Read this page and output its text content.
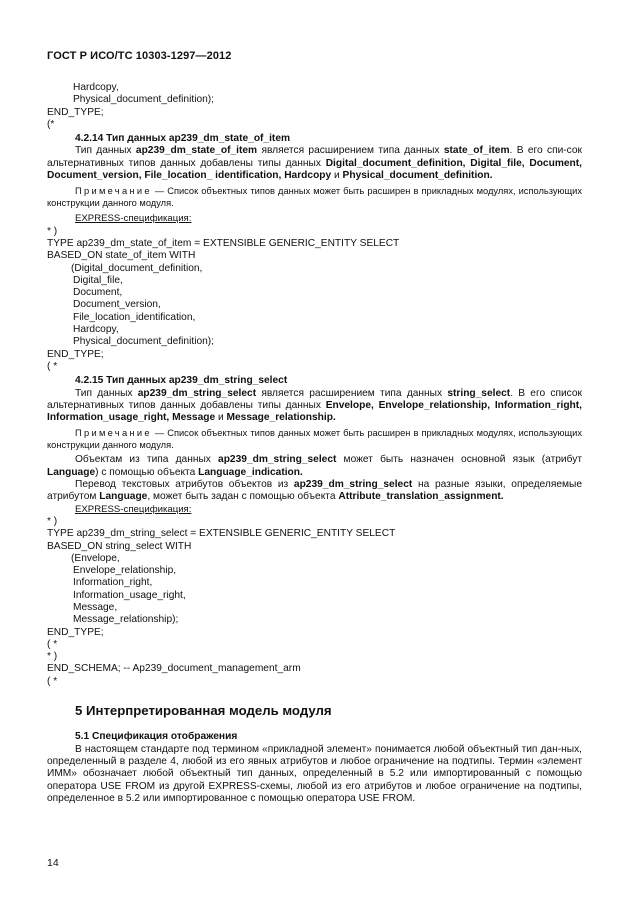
ГОСТ Р ИСО/ТС 10303-1297—2012
Hardcopy,
Physical_document_definition);
END_TYPE;
(*
4.2.14 Тип данных ap239_dm_state_of_item
Тип данных ap239_dm_state_of_item является расширением типа данных state_of_item. В его спи-сок альтернативных типов данных добавлены типы данных Digital_document_definition, Digital_file, Document, Document_version, File_location_ identification, Hardcopy и Physical_document_definition.
Примечание — Список объектных типов данных может быть расширен в прикладных модулях, использующих конструкции данного модуля.
EXPRESS-спецификация:
* )
TYPE ap239_dm_state_of_item = EXTENSIBLE GENERIC_ENTITY SELECT
BASED_ON state_of_item WITH
(Digital_document_definition,
Digital_file,
Document,
Document_version,
File_location_identification,
Hardcopy,
Physical_document_definition);
END_TYPE;
( *
4.2.15 Тип данных ap239_dm_string_select
Тип данных ap239_dm_string_select является расширением типа данных string_select. В его список альтернативных типов данных добавлены типы данных Envelope, Envelope_relationship, Information_right, Information_usage_right, Message и Message_relationship.
Примечание — Список объектных типов данных может быть расширен в прикладных модулях, использующих конструкции данного модуля.
Объектам из типа данных ap239_dm_string_select может быть назначен основной язык (атрибут Language) с помощью объекта Language_indication.
Перевод текстовых атрибутов объектов из ap239_dm_string_select на разные языки, определяемые атрибутом Language, может быть задан с помощью объекта Attribute_translation_assignment.
EXPRESS-спецификация:
* )
TYPE ap239_dm_string_select = EXTENSIBLE GENERIC_ENTITY SELECT
BASED_ON string_select WITH
(Envelope,
Envelope_relationship,
Information_right,
Information_usage_right,
Message,
Message_relationship);
END_TYPE;
( *
* )
END_SCHEMA; -- Ap239_document_management_arm
( *
5 Интерпретированная модель модуля
5.1 Спецификация отображения
В настоящем стандарте под термином «прикладной элемент» понимается любой объектный тип дан-ных, определенный в разделе 4, любой из его явных атрибутов и любое ограничение на подтипы. Термин «элемент ИММ» обозначает любой объектный тип данных, определенный в 5.2 или импортированный с помощью оператора USE FROM из другой EXPRESS-схемы, любой из его атрибутов и любое ограничение на подтипы, определенное в 5.2 или импортированное с помощью оператора USE FROM.
14
